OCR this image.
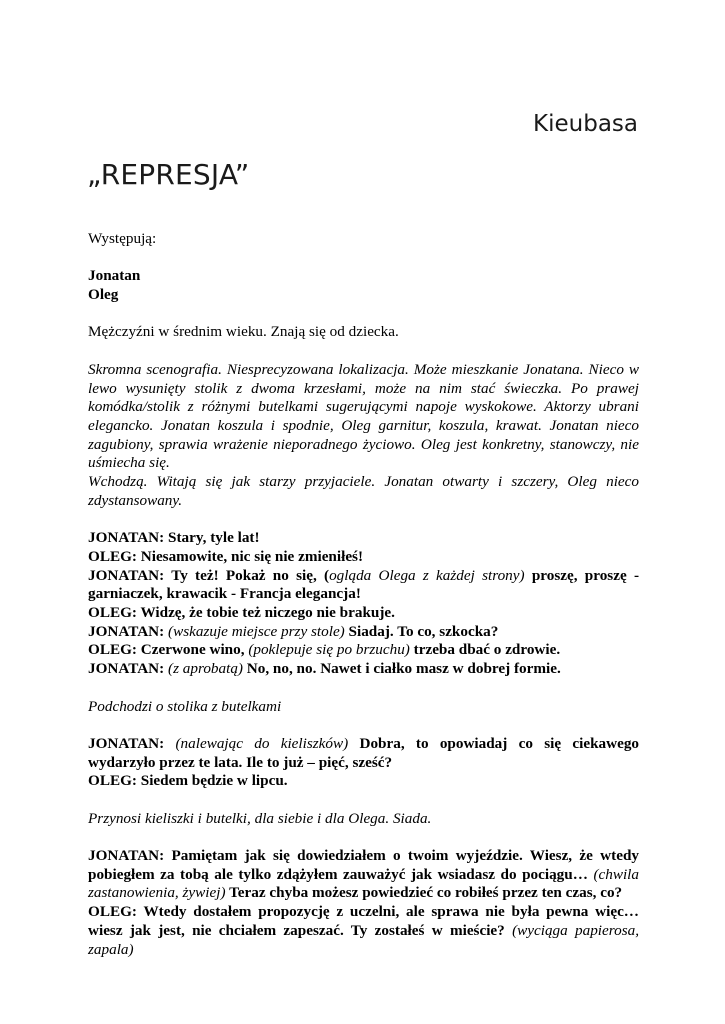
Kieubasa
„REPRESJA”

Występują:

Jonatan

Oleg

Mężczyźni w średnim wieku. Znają się od dziecka.

Skromna scenografia. Niesprecyzowana lokalizacja. Może mieszkanie Jonatana. Nieco w lewo wysunięty stolik z dwoma krzesłami, może na nim stać świeczka. Po prawej komódka/stolik z różnymi butelkami sugerującymi napoje wyskokowe. Aktorzy ubrani elegancko. Jonatan koszula i spodnie, Oleg garnitur, koszula, krawat. Jonatan nieco zagubiony, sprawia wrażenie nieporadnego życiowo. Oleg jest konkretny, stanowczy, nie uśmiecha się.

Wchodzą. Witają się jak starzy przyjaciele. Jonatan otwarty i szczery, Oleg nieco zdystansowany.

JONATAN: Stary, tyle lat!

OLEG: Niesamowite, nic się nie zmieniłeś!

JONATAN: Ty też! Pokaż no się, (ogląda Olega z każdej strony) proszę, proszę - garniaczek, krawacik - Francja elegancja!

OLEG: Widzę, że tobie też niczego nie brakuje.

JONATAN: (wskazuje miejsce przy stole) Siadaj. To co, szkocka?

OLEG: Czerwone wino, (poklepuje się po brzuchu) trzeba dbać o zdrowie.

JONATAN: (z aprobatą) No, no, no. Nawet i ciałko masz w dobrej formie.

Podchodzi o stolika z butelkami

JONATAN: (nalewając do kieliszków) Dobra, to opowiadaj co się ciekawego wydarzyło przez te lata. Ile to już – pięć, sześć?

OLEG: Siedem będzie w lipcu.

Przynosi kieliszki i butelki, dla siebie i dla Olega. Siada.

JONATAN: Pamiętam jak się dowiedziałem o twoim wyjeździe. Wiesz, że wtedy pobiegłem za tobą ale tylko zdążyłem zauważyć jak wsiadasz do pociągu… (chwila zastanowienia, żywiej) Teraz chyba możesz powiedzieć co robiłeś przez ten czas, co?

OLEG: Wtedy dostałem propozycję z uczelni, ale sprawa nie była pewna więc… wiesz jak jest, nie chciałem zapeszać. Ty zostałeś w mieście? (wyciąga papierosa, zapala)
